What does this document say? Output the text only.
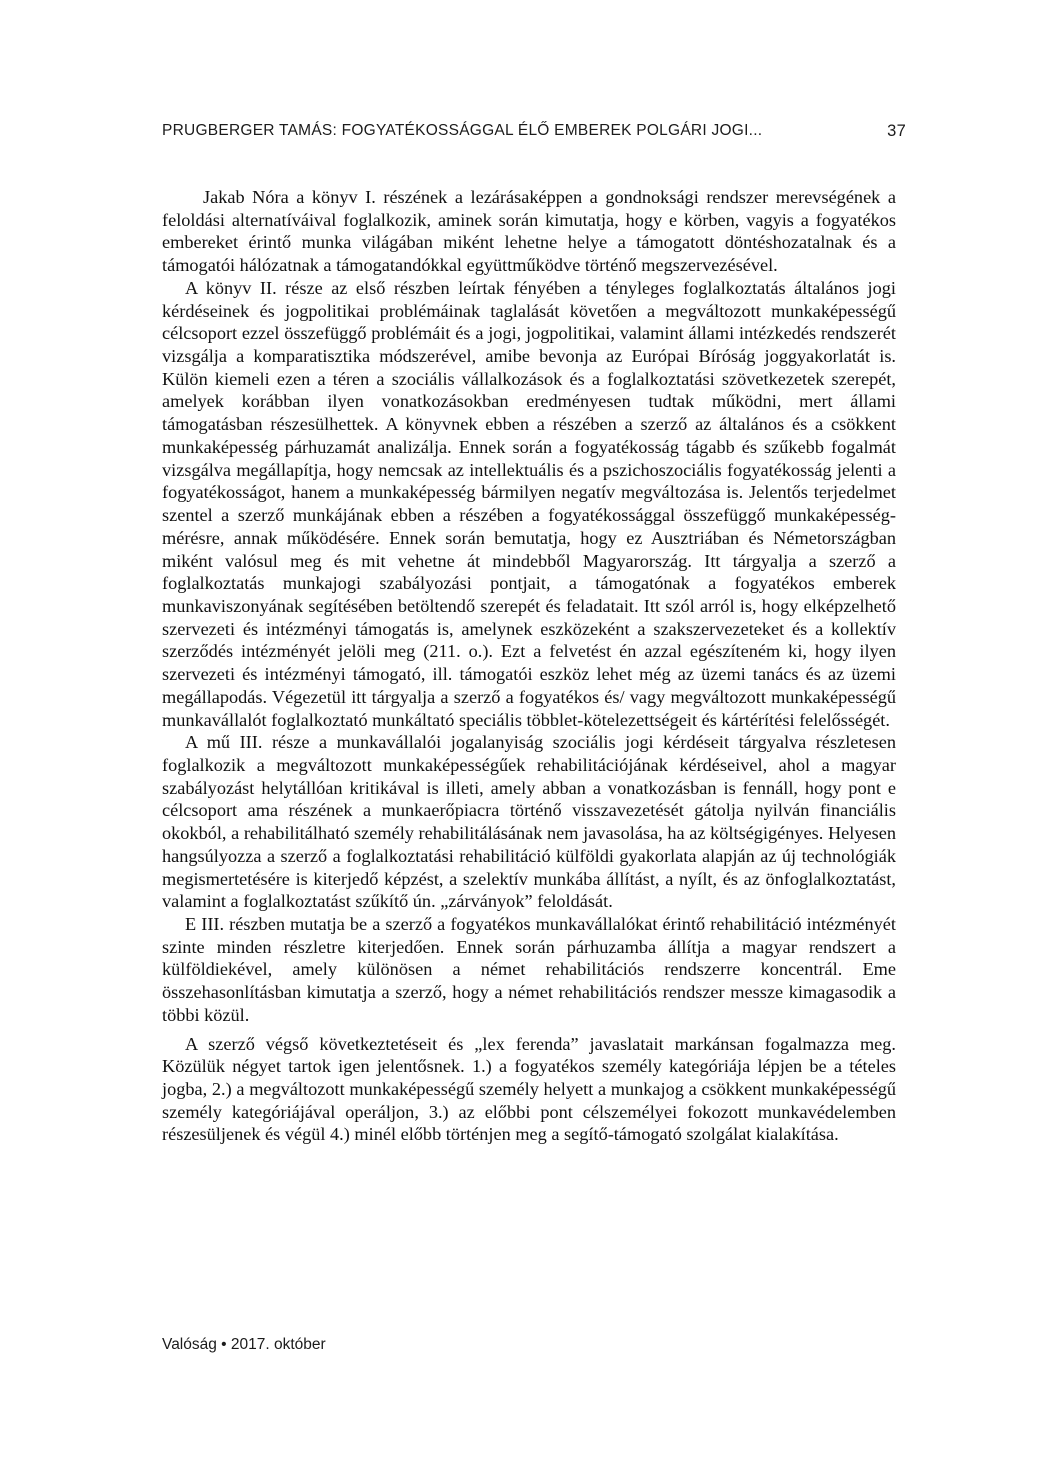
PRUGBERGER TAMÁS: FOGYATÉKOSSÁGGAL ÉLŐ EMBEREK POLGÁRI JOGI...	37

Jakab Nóra a könyv I. részének a lezárásaképpen a gondnoksági rendszer merevségének a feloldási alternatíváival foglalkozik, aminek során kimutatja, hogy e körben, vagyis a fogyatékos embereket érintő munka világában miként lehetne helye a támogatott döntéshozatalnak és a támogatói hálózatnak a támogatandókkal együttműködve történő megszervezésével.

A könyv II. része az első részben leírtak fényében a tényleges foglalkoztatás általános jogi kérdéseinek és jogpolitikai problémáinak taglalását követően a megváltozott munkaképességű célcsoport ezzel összefüggő problémáit és a jogi, jogpolitikai, valamint állami intézkedés rendszerét vizsgálja a komparatisztika módszerével, amibe bevonja az Európai Bíróság joggyakorlatát is. Külön kiemeli ezen a téren a szociális vállalkozások és a foglalkoztatási szövetkezetek szerepét, amelyek korábban ilyen vonatkozásokban eredményesen tudtak működni, mert állami támogatásban részesülhettek. A könyvnek ebben a részében a szerző az általános és a csökkent munkaképesség párhuzamát analizálja. Ennek során a fogyatékosság tágabb és szűkebb fogalmát vizsgálva megállapítja, hogy nemcsak az intellektuális és a pszichoszociális fogyatékosság jelenti a fogyatékosságot, hanem a munkaképesség bármilyen negatív megváltozása is. Jelentős terjedelmet szentel a szerző munkájának ebben a részében a fogyatékossággal összefüggő munkaképesség-mérésre, annak működésére. Ennek során bemutatja, hogy ez Ausztriában és Németországban miként valósul meg és mit vehetne át mindebből Magyarország. Itt tárgyalja a szerző a foglalkoztatás munkajogi szabályozási pontjait, a támogatónak a fogyatékos emberek munkaviszonyának segítésében betöltendő szerepét és feladatait. Itt szól arról is, hogy elképzelhető szervezeti és intézményi támogatás is, amelynek eszközeként a szakszervezeteket és a kollektív szerződés intézményét jelöli meg (211. o.). Ezt a felvetést én azzal egészíteném ki, hogy ilyen szervezeti és intézményi támogató, ill. támogatói eszköz lehet még az üzemi tanács és az üzemi megállapodás. Végezetül itt tárgyalja a szerző a fogyatékos és/ vagy megváltozott munkaképességű munkavállalót foglalkoztató munkáltató speciális többlet-kötelezettségeit és kártérítési felelősségét.

A mű III. része a munkavállalói jogalanyiság szociális jogi kérdéseit tárgyalva részletesen foglalkozik a megváltozott munkaképességűek rehabilitációjának kérdéseivel, ahol a magyar szabályozást helytállóan kritikával is illeti, amely abban a vonatkozásban is fennáll, hogy pont e célcsoport ama részének a munkaerőpiacra történő visszavezetését gátolja nyilván financiális okokból, a rehabilitálható személy rehabilitálásának nem javasolása, ha az költségigényes. Helyesen hangsúlyozza a szerző a foglalkoztatási rehabilitáció külföldi gyakorlata alapján az új technológiák megismertetésére is kiterjedő képzést, a szelektív munkába állítást, a nyílt, és az önfoglalkoztatást, valamint a foglalkoztatást szűkítő ún. „zárványok” feloldását.

E III. részben mutatja be a szerző a fogyatékos munkavállalókat érintő rehabilitáció intézményét szinte minden részletre kiterjedően. Ennek során párhuzamba állítja a magyar rendszert a külföldiekével, amely különösen a német rehabilitációs rendszerre koncentrál. Eme összehasonlításban kimutatja a szerző, hogy a német rehabilitációs rendszer messze kimagasodik a többi közül.

A szerző végső következtetéseit és „lex ferenda” javaslatait markánsan fogalmazza meg. Közülük négyet tartok igen jelentősnek. 1.) a fogyatékos személy kategóriája lépjen be a tételes jogba, 2.) a megváltozott munkaképességű személy helyett a munkajog a csökkent munkaképességű személy kategóriájával operáljon, 3.) az előbbi pont célszemélyei fokozott munkavédelemben részesüljenek és végül 4.) minél előbb történjen meg a segítő-támogató szolgálat kialakítása.

Valóság • 2017. október
